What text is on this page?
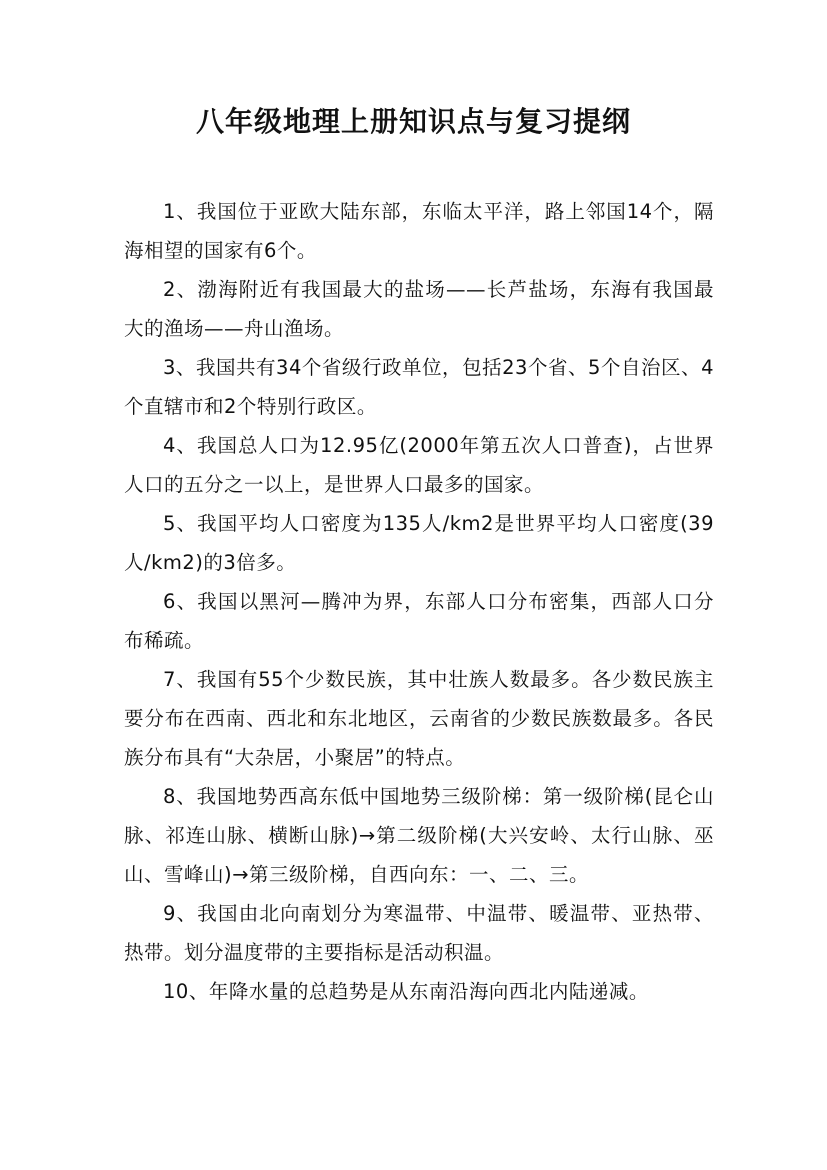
八年级地理上册知识点与复习提纲

1、我国位于亚欧大陆东部，东临太平洋，路上邻国14个，隔海相望的国家有6个。

2、渤海附近有我国最大的盐场——长芦盐场，东海有我国最大的渔场——舟山渔场。

3、我国共有34个省级行政单位，包括23个省、5个自治区、4个直辖市和2个特别行政区。

4、我国总人口为12.95亿(2000年第五次人口普查)，占世界人口的五分之一以上，是世界人口最多的国家。

5、我国平均人口密度为135人/km2是世界平均人口密度(39人/km2)的3倍多。

6、我国以黑河—腾冲为界，东部人口分布密集，西部人口分布稀疏。

7、我国有55个少数民族，其中壮族人数最多。各少数民族主要分布在西南、西北和东北地区，云南省的少数民族数最多。各民族分布具有“大杂居，小聚居”的特点。

8、我国地势西高东低中国地势三级阶梯：第一级阶梯(昆仑山脉、祁连山脉、横断山脉)→第二级阶梯(大兴安岭、太行山脉、巫山、雪峰山)→第三级阶梯，自西向东：一、二、三。

9、我国由北向南划分为寒温带、中温带、暖温带、亚热带、热带。划分温度带的主要指标是活动积温。

10、年降水量的总趋势是从东南沿海向西北内陆递减。
